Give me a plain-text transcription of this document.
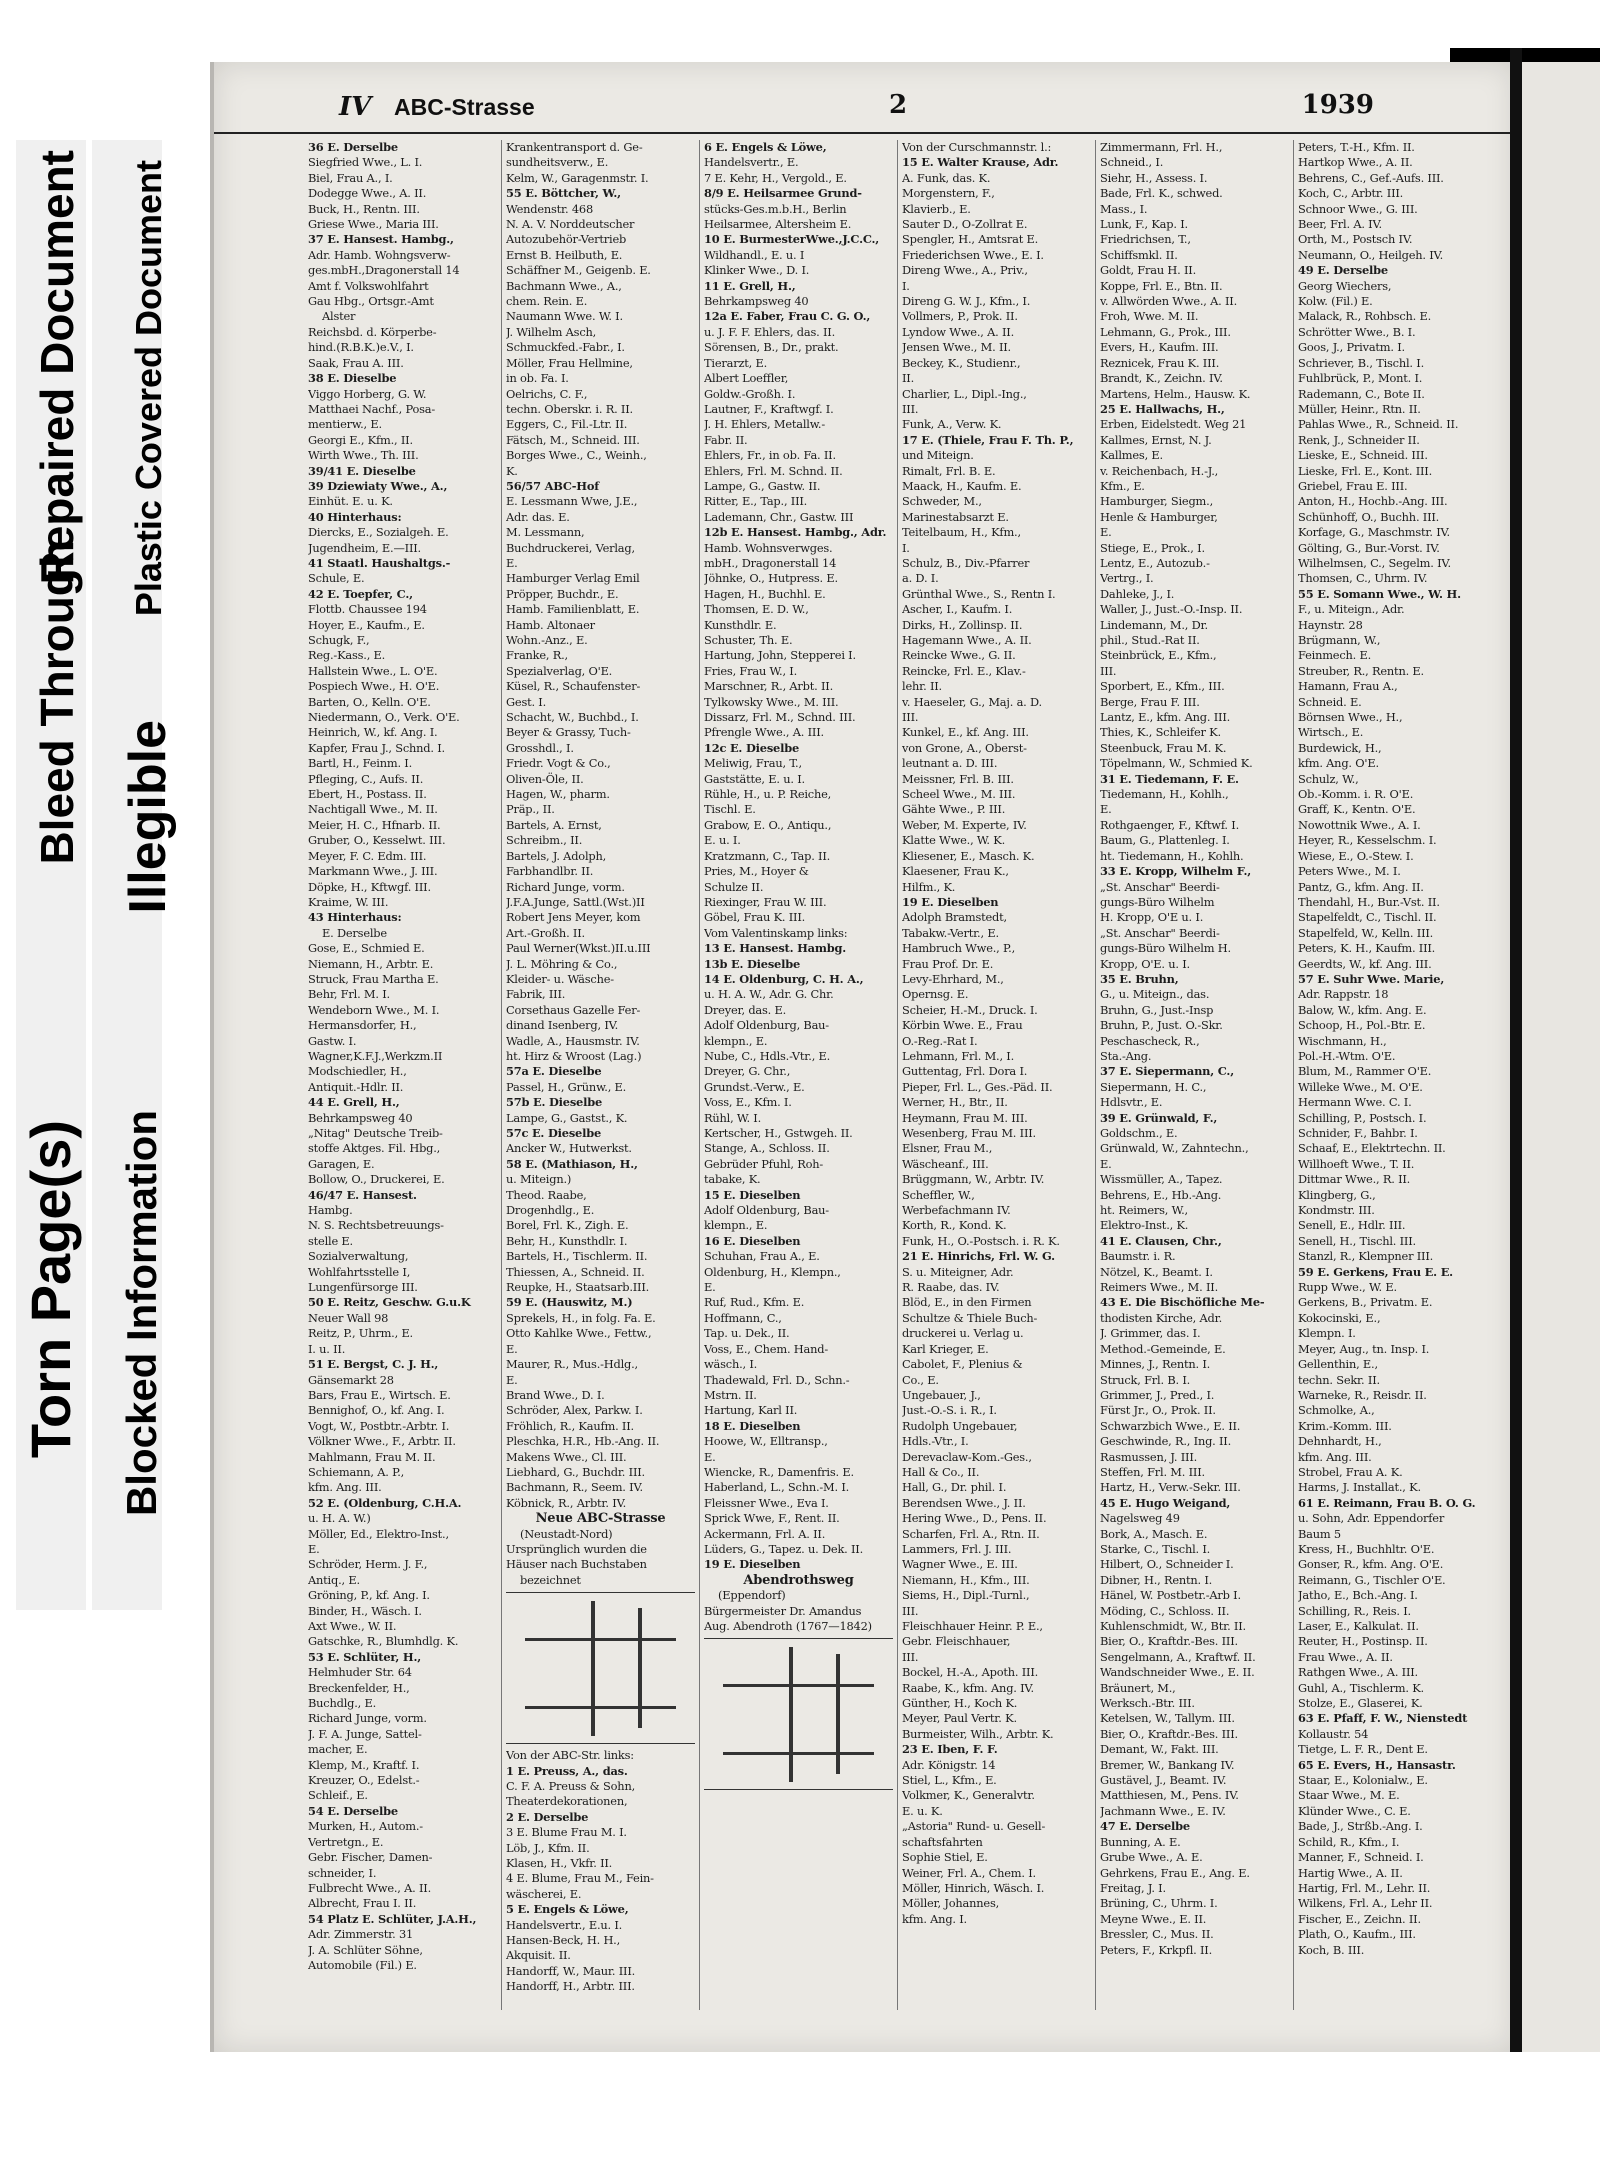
Torn Page(s)
Bleed Through
Repaired Document
Blocked Information
Illegible
Plastic Covered Document
IV ABC-Strasse	2	1939
36 E. Derselbe
Siegfried Wwe., L. I.
Biel, Frau A., I.
Dodegge Wwe., A. II.
Buck, H., Rentn. III.
Griese Wwe., Maria III.
37 E. Hansest. Hambg.,
Adr. Hamb. Wohngsverw-
ges.mbH.,Dragonerstall 14
Amt f. Volkswohlfahrt
Gau Hbg., Ortsgr.-Amt
Alster
Reichsbd. d. Körperbe-
hind.(R.B.K.)e.V., I.
Saak, Frau A. III.
38 E. Dieselbe
Viggo Horberg, G. W.
Matthaei Nachf., Posa-
mentierw., E.
Georgi E., Kfm., II.
Wirth Wwe., Th. III.
39/41 E. Dieselbe
39 Dziewiaty Wwe., A.,
Einhüt. E. u. K.
40 Hinterhaus:
Diercks, E., Sozialgeh. E.
Jugendheim, E.—III.
41 Staatl. Haushaltgs.-
Schule, E.
42 E. Toepfer, C.,
Flottb. Chaussee 194
Hoyer, E., Kaufm., E.
Schugk, F.,
Reg.-Kass., E.
Hallstein Wwe., L. O'E.
Pospiech Wwe., H. O'E.
Barten, O., Kelln. O'E.
Niedermann, O., Verk. O'E.
Heinrich, W., kf. Ang. I.
Kapfer, Frau J., Schnd. I.
Bartl, H., Feinm. I.
Pfleging, C., Aufs. II.
Ebert, H., Postass. II.
Nachtigall Wwe., M. II.
Meier, H. C., Hfnarb. II.
Gruber, O., Kesselwt. III.
Meyer, F. C. Edm. III.
Markmann Wwe., J. III.
Döpke, H., Kftwgf. III.
Kraime, W. III.
43 Hinterhaus:
E. Derselbe
Gose, E., Schmied E.
Niemann, H., Arbtr. E.
Struck, Frau Martha E.
Behr, Frl. M. I.
Wendeborn Wwe., M. I.
Hermansdorfer, H.,
Gastw. I.
Wagner,K.F.J.,Werkzm.II
Modschiedler, H.,
Antiquit.-Hdlr. II.
44 E. Grell, H.,
Behrkampsweg 40
„Nitag" Deutsche Treib-
stoffe Aktges. Fil. Hbg.,
Garagen, E.
Bollow, O., Druckerei, E.
46/47 E. Hansest.
Hambg.
N. S. Rechtsbetreuungs-
stelle E.
Sozialverwaltung,
Wohlfahrtsstelle I,
Lungenfürsorge III.
50 E. Reitz, Geschw. G.u.K
Neuer Wall 98
Reitz, P., Uhrm., E.
I. u. II.
51 E. Bergst, C. J. H.,
Gänsemarkt 28
Bars, Frau E., Wirtsch. E.
Bennighof, O., kf. Ang. I.
Vogt, W., Postbtr.-Arbtr. I.
Völkner Wwe., F., Arbtr. II.
Mahlmann, Frau M. II.
Schiemann, A. P.,
kfm. Ang. III.
52 E. (Oldenburg, C.H.A.
u. H. A. W.)
Möller, Ed., Elektro-Inst.,
E.
Schröder, Herm. J. F.,
Antiq., E.
Gröning, P., kf. Ang. I.
Binder, H., Wäsch. I.
Axt Wwe., W. II.
Gatschke, R., Blumhdlg. K.
53 E. Schlüter, H.,
Helmhuder Str. 64
Breckenfelder, H.,
Buchdlg., E.
Richard Junge, vorm.
J. F. A. Junge, Sattel-
macher, E.
Klemp, M., Kraftf. I.
Kreuzer, O., Edelst.-
Schleif., E.
54 E. Derselbe
Murken, H., Autom.-
Vertretgn., E.
Gebr. Fischer, Damen-
schneider, I.
Fulbrecht Wwe., A. II.
Albrecht, Frau I. II.
54 Platz E. Schlüter, J.A.H.,
Adr. Zimmerstr. 31
J. A. Schlüter Söhne,
Automobile (Fil.) E.
Krankentransport d. Ge-
sundheitsverw., E.
Kelm, W., Garagenmstr. I.
55 E. Böttcher, W.,
Wendenstr. 468
N. A. V. Norddeutscher
Autozubehör-Vertrieb
Ernst B. Heilbuth, E.
Schäffner M., Geigenb. E.
Bachmann Wwe., A.,
chem. Rein. E.
Naumann Wwe. W. I.
J. Wilhelm Asch,
Schmuckfed.-Fabr., I.
Möller, Frau Hellmine,
in ob. Fa. I.
Oelrichs, C. F.,
techn. Oberskr. i. R. II.
Eggers, C., Fil.-Ltr. II.
Fätsch, M., Schneid. III.
Borges Wwe., C., Weinh.,
K.
56/57 ABC-Hof
E. Lessmann Wwe, J.E.,
Adr. das. E.
M. Lessmann,
Buchdruckerei, Verlag,
E.
Hamburger Verlag Emil
Pröpper, Buchdr., E.
Hamb. Familienblatt, E.
Hamb. Altonaer
Wohn.-Anz., E.
Franke, R.,
Spezialverlag, O'E.
Küsel, R., Schaufenster-
Gest. I.
Schacht, W., Buchbd., I.
Beyer & Grassy, Tuch-
Grosshdl., I.
Friedr. Vogt & Co.,
Oliven-Öle, II.
Hagen, W., pharm.
Präp., II.
Bartels, A. Ernst,
Schreibm., II.
Bartels, J. Adolph,
Farbhandlbr. II.
Richard Junge, vorm.
J.F.A.Junge, Sattl.(Wst.)II
Robert Jens Meyer, kom
Art.-Großh. II.
Paul Werner(Wkst.)II.u.III
J. L. Möhring & Co.,
Kleider- u. Wäsche-
Fabrik, III.
Corsethaus Gazelle Fer-
dinand Isenberg, IV.
Wadle, A., Hausmstr. IV.
ht. Hirz & Wroost (Lag.)
57a E. Dieselbe
Passel, H., Grünw., E.
57b E. Dieselbe
Lampe, G., Gastst., K.
57c E. Dieselbe
Ancker W., Hutwerkst.
58 E. (Mathiason, H.,
u. Miteign.)
Theod. Raabe,
Drogenhdlg., E.
Borel, Frl. K., Zigh. E.
Behr, H., Kunsthdlr. I.
Bartels, H., Tischlerm. II.
Thiessen, A., Schneid. II.
Reupke, H., Staatsarb.III.
59 E. (Hauswitz, M.)
Sprekels, H., in folg. Fa. E.
Otto Kahlke Wwe., Fettw.,
E.
Maurer, R., Mus.-Hdlg.,
E.
Brand Wwe., D. I.
Schröder, Alex, Parkw. I.
Fröhlich, R., Kaufm. II.
Pleschka, H.R., Hb.-Ang. II.
Makens Wwe., Cl. III.
Liebhard, G., Buchdr. III.
Bachmann, R., Seem. IV.
Köbnick, R., Arbtr. IV.
Neue ABC-Strasse
(Neustadt-Nord)
Ursprünglich wurden die
Häuser nach Buchstaben
bezeichnet
Von der ABC-Str. links:
1 E. Preuss, A., das.
C. F. A. Preuss & Sohn,
Theaterdekorationen,
2 E. Derselbe
3 E. Blume Frau M. I.
Löb, J., Kfm. II.
Klasen, H., Vkfr. II.
4 E. Blume, Frau M., Fein-
wäscherei, E.
5 E. Engels & Löwe,
Handelsvertr., E.u. I.
Hansen-Beck, H. H.,
Akquisit. II.
Handorff, W., Maur. III.
Handorff, H., Arbtr. III.
6 E. Engels & Löwe,
Handelsvertr., E.
7 E. Kehr, H., Vergold., E.
8/9 E. Heilsarmee Grund-
stücks-Ges.m.b.H., Berlin
Heilsarmee, Altersheim E.
10 E. BurmesterWwe.,J.C.C.,
Wildhandl., E. u. I
Klinker Wwe., D. I.
11 E. Grell, H.,
Behrkampsweg 40
12a E. Faber, Frau C. G. O.,
u. J. F. F. Ehlers, das. II.
Sörensen, B., Dr., prakt.
Tierarzt, E.
Albert Loeffler,
Goldw.-Großh. I.
Lautner, F., Kraftwgf. I.
J. H. Ehlers, Metallw.-
Fabr. II.
Ehlers, Fr., in ob. Fa. II.
Ehlers, Frl. M. Schnd. II.
Lampe, G., Gastw. II.
Ritter, E., Tap., III.
Lademann, Chr., Gastw. III
12b E. Hansest. Hambg., Adr.
Hamb. Wohnsverwges.
mbH., Dragonerstall 14
Jöhnke, O., Hutpress. E.
Hagen, H., Buchhl. E.
Thomsen, E. D. W.,
Kunsthdlr. E.
Schuster, Th. E.
Hartung, John, Stepperei I.
Fries, Frau W., I.
Marschner, R., Arbt. II.
Tylkowsky Wwe., M. III.
Dissarz, Frl. M., Schnd. III.
Pfrengle Wwe., A. III.
12c E. Dieselbe
Meliwig, Frau, T.,
Gaststätte, E. u. I.
Rühle, H., u. P. Reiche,
Tischl. E.
Grabow, E. O., Antiqu.,
E. u. I.
Kratzmann, C., Tap. II.
Pries, M., Hoyer &
Schulze II.
Riexinger, Frau W. III.
Göbel, Frau K. III.
Vom Valentinskamp links:
13 E. Hansest. Hambg.
13b E. Dieselbe
14 E. Oldenburg, C. H. A.,
u. H. A. W., Adr. G. Chr.
Dreyer, das. E.
Adolf Oldenburg, Bau-
klempn., E.
Nube, C., Hdls.-Vtr., E.
Dreyer, G. Chr.,
Grundst.-Verw., E.
Voss, E., Kfm. I.
Rühl, W. I.
Kertscher, H., Gstwgeh. II.
Stange, A., Schloss. II.
Gebrüder Pfuhl, Roh-
tabake, K.
15 E. Dieselben
Adolf Oldenburg, Bau-
klempn., E.
16 E. Dieselben
Schuhan, Frau A., E.
Oldenburg, H., Klempn.,
E.
Ruf, Rud., Kfm. E.
Hoffmann, C.,
Tap. u. Dek., II.
Voss, E., Chem. Hand-
wäsch., I.
Thadewald, Frl. D., Schn.-
Mstrn. II.
Hartung, Karl II.
18 E. Dieselben
Hoowe, W., Elltransp.,
E.
Wiencke, R., Damenfris. E.
Haberland, L., Schn.-M. I.
Fleissner Wwe., Eva I.
Sprick Wwe, F., Rent. II.
Ackermann, Frl. A. II.
Lüders, G., Tapez. u. Dek. II.
19 E. Dieselben
Abendrothsweg
(Eppendorf)
Bürgermeister Dr. Amandus
Aug. Abendroth (1767—1842)
Von der Curschmannstr. l.:
15 E. Walter Krause, Adr.
A. Funk, das. K.
Morgenstern, F.,
Klavierb., E.
Sauter D., O-Zollrat E.
Spengler, H., Amtsrat E.
Friederichsen Wwe., E. I.
Direng Wwe., A., Priv.,
I.
Direng G. W. J., Kfm., I.
Vollmers, P., Prok. II.
Lyndow Wwe., A. II.
Jensen Wwe., M. II.
Beckey, K., Studienr.,
II.
Charlier, L., Dipl.-Ing.,
III.
Funk, A., Verw. K.
17 E. (Thiele, Frau F. Th. P.,
und Miteign.
Rimalt, Frl. B. E.
Maack, H., Kaufm. E.
Schweder, M.,
Marinestabsarzt E.
Teitelbaum, H., Kfm.,
I.
Schulz, B., Div.-Pfarrer
a. D. I.
Grünthal Wwe., S., Rentn I.
Ascher, I., Kaufm. I.
Dirks, H., Zollinsp. II.
Hagemann Wwe., A. II.
Reincke Wwe., G. II.
Reincke, Frl. E., Klav.-
lehr. II.
v. Haeseler, G., Maj. a. D.
III.
Kunkel, E., kf. Ang. III.
von Grone, A., Oberst-
leutnant a. D. III.
Meissner, Frl. B. III.
Scheel Wwe., M. III.
Gähte Wwe., P. III.
Weber, M. Experte, IV.
Klatte Wwe., W. K.
Kliesener, E., Masch. K.
Klaesener, Frau K.,
Hilfm., K.
19 E. Dieselben
Adolph Bramstedt,
Tabakw.-Vertr., E.
Hambruch Wwe., P.,
Frau Prof. Dr. E.
Levy-Ehrhard, M.,
Opernsg. E.
Scheier, H.-M., Druck. I.
Körbin Wwe. E., Frau
O.-Reg.-Rat I.
Lehmann, Frl. M., I.
Guttentag, Frl. Dora I.
Pieper, Frl. L., Ges.-Päd. II.
Werner, H., Btr., II.
Heymann, Frau M. III.
Wesenberg, Frau M. III.
Elsner, Frau M.,
Wäscheanf., III.
Brüggmann, W., Arbtr. IV.
Scheffler, W.,
Werbefachmann IV.
Korth, R., Kond. K.
Funk, H., O.-Postsch. i. R. K.
21 E. Hinrichs, Frl. W. G.
S. u. Miteigner, Adr.
R. Raabe, das. IV.
Blöd, E., in den Firmen
Schultze & Thiele Buch-
druckerei u. Verlag u.
Karl Krieger, E.
Cabolet, F., Plenius &
Co., E.
Ungebauer, J.,
Just.-O.-S. i. R., I.
Rudolph Ungebauer,
Hdls.-Vtr., I.
Derevaclaw-Kom.-Ges.,
Hall & Co., II.
Hall, G., Dr. phil. I.
Berendsen Wwe., J. II.
Hering Wwe., D., Pens. II.
Scharfen, Frl. A., Rtn. II.
Lammers, Frl. J. III.
Wagner Wwe., E. III.
Niemann, H., Kfm., III.
Siems, H., Dipl.-Turnl.,
III.
Fleischhauer Heinr. P. E.,
Gebr. Fleischhauer,
III.
Bockel, H.-A., Apoth. III.
Raabe, K., kfm. Ang. IV.
Günther, H., Koch K.
Meyer, Paul Vertr. K.
Burmeister, Wilh., Arbtr. K.
23 E. Iben, F. F.
Adr. Königstr. 14
Stiel, L., Kfm., E.
Volkmer, K., Generalvtr.
E. u. K.
„Astoria" Rund- u. Gesell-
schaftsfahrten
Sophie Stiel, E.
Weiner, Frl. A., Chem. I.
Möller, Hinrich, Wäsch. I.
Möller, Johannes,
kfm. Ang. I.
Zimmermann, Frl. H.,
Schneid., I.
Siehr, H., Assess. I.
Bade, Frl. K., schwed.
Mass., I.
Lunk, F., Kap. I.
Friedrichsen, T.,
Schiffsmkl. II.
Goldt, Frau H. II.
Koppe, Frl. E., Btn. II.
v. Allwörden Wwe., A. II.
Froh, Wwe. M. II.
Lehmann, G., Prok., III.
Evers, H., Kaufm. III.
Reznicek, Frau K. III.
Brandt, K., Zeichn. IV.
Martens, Helm., Hausw. K.
25 E. Hallwachs, H.,
Erben, Eidelstedt. Weg 21
Kallmes, Ernst, N. J.
Kallmes, E.
v. Reichenbach, H.-J.,
Kfm., E.
Hamburger, Siegm.,
Henle & Hamburger,
E.
Stiege, E., Prok., I.
Lentz, E., Autozub.-
Vertrg., I.
Dahleke, J., I.
Waller, J., Just.-O.-Insp. II.
Lindemann, M., Dr.
phil., Stud.-Rat II.
Steinbrück, E., Kfm.,
III.
Sporbert, E., Kfm., III.
Berge, Frau F. III.
Lantz, E., kfm. Ang. III.
Thies, K., Schleifer K.
Steenbuck, Frau M. K.
Töpelmann, W., Schmied K.
31 E. Tiedemann, F. E.
Tiedemann, H., Kohlh.,
E.
Rothgaenger, F., Kftwf. I.
Baum, G., Plattenleg. I.
ht. Tiedemann, H., Kohlh.
33 E. Kropp, Wilhelm F.,
„St. Anschar" Beerdi-
gungs-Büro Wilhelm
H. Kropp, O'E u. I.
„St. Anschar" Beerdi-
gungs-Büro Wilhelm H.
Kropp, O'E. u. I.
35 E. Bruhn,
G., u. Miteign., das.
Bruhn, G., Just.-Insp
Bruhn, P., Just. O.-Skr.
Peschascheck, R.,
Sta.-Ang.
37 E. Siepermann, C.,
Siepermann, H. C.,
Hdlsvtr., E.
39 E. Grünwald, F.,
Goldschm., E.
Grünwald, W., Zahntechn.,
E.
Wissmüller, A., Tapez.
Behrens, E., Hb.-Ang.
ht. Reimers, W.,
Elektro-Inst., K.
41 E. Clausen, Chr.,
Baumstr. i. R.
Nötzel, K., Beamt. I.
Reimers Wwe., M. II.
43 E. Die Bischöfliche Me-
thodisten Kirche, Adr.
J. Grimmer, das. I.
Method.-Gemeinde, E.
Minnes, J., Rentn. I.
Struck, Frl. B. I.
Grimmer, J., Pred., I.
Fürst Jr., O., Prok. II.
Schwarzbich Wwe., E. II.
Geschwinde, R., Ing. II.
Rasmussen, J. III.
Steffen, Frl. M. III.
Hartz, H., Verw.-Sekr. III.
45 E. Hugo Weigand,
Nagelsweg 49
Bork, A., Masch. E.
Starke, C., Tischl. I.
Hilbert, O., Schneider I.
Dibner, H., Rentn. I.
Hänel, W. Postbetr.-Arb I.
Möding, C., Schloss. II.
Kuhlenschmidt, W., Btr. II.
Bier, O., Kraftdr.-Bes. III.
Sengelmann, A., Kraftwf. II.
Wandschneider Wwe., E. II.
Bräunert, M.,
Werksch.-Btr. III.
Ketelsen, W., Tallym. III.
Bier, O., Kraftdr.-Bes. III.
Demant, W., Fakt. III.
Bremer, W., Bankang IV.
Gustävel, J., Beamt. IV.
Matthiesen, M., Pens. IV.
Jachmann Wwe., E. IV.
47 E. Derselbe
Bunning, A. E.
Grube Wwe., A. E.
Gehrkens, Frau E., Ang. E.
Freitag, J. I.
Brüning, C., Uhrm. I.
Meyne Wwe., E. II.
Bressler, C., Mus. II.
Peters, F., Krkpfl. II.
Peters, T.-H., Kfm. II.
Hartkop Wwe., A. II.
Behrens, C., Gef.-Aufs. III.
Koch, C., Arbtr. III.
Schnoor Wwe., G. III.
Beer, Frl. A. IV.
Orth, M., Postsch IV.
Neumann, O., Heilgeh. IV.
49 E. Derselbe
Georg Wiechers,
Kolw. (Fil.) E.
Malack, R., Rohbsch. E.
Schrötter Wwe., B. I.
Goos, J., Privatm. I.
Schriever, B., Tischl. I.
Fuhlbrück, P., Mont. I.
Rademann, C., Bote II.
Müller, Heinr., Rtn. II.
Pahlas Wwe., R., Schneid. II.
Renk, J., Schneider II.
Lieske, E., Schneid. III.
Lieske, Frl. E., Kont. III.
Griebel, Frau E. III.
Anton, H., Hochb.-Ang. III.
Schünhoff, O., Buchh. III.
Korfage, G., Maschmstr. IV.
Gölting, G., Bur.-Vorst. IV.
Wilhelmsen, C., Segelm. IV.
Thomsen, C., Uhrm. IV.
55 E. Somann Wwe., W. H.
F., u. Miteign., Adr.
Haynstr. 28
Brügmann, W.,
Feinmech. E.
Streuber, R., Rentn. E.
Hamann, Frau A.,
Schneid. E.
Börnsen Wwe., H.,
Wirtsch., E.
Burdewick, H.,
kfm. Ang. O'E.
Schulz, W.,
Ob.-Komm. i. R. O'E.
Graff, K., Kentn. O'E.
Nowottnik Wwe., A. I.
Heyer, R., Kesselschm. I.
Wiese, E., O.-Stew. I.
Peters Wwe., M. I.
Pantz, G., kfm. Ang. II.
Thendahl, H., Bur.-Vst. II.
Stapelfeldt, C., Tischl. II.
Stapelfeld, W., Kelln. III.
Peters, K. H., Kaufm. III.
Geerdts, W., kf. Ang. III.
57 E. Suhr Wwe. Marie,
Adr. Rappstr. 18
Balow, W., kfm. Ang. E.
Schoop, H., Pol.-Btr. E.
Wischmann, H.,
Pol.-H.-Wtm. O'E.
Blum, M., Rammer O'E.
Willeke Wwe., M. O'E.
Hermann Wwe. C. I.
Schilling, P., Postsch. I.
Schnider, F., Bahbr. I.
Schaaf, E., Elektrtechn. II.
Willhoeft Wwe., T. II.
Dittmar Wwe., R. II.
Klingberg, G.,
Kondmstr. III.
Senell, E., Hdlr. III.
Senell, H., Tischl. III.
Stanzl, R., Klempner III.
59 E. Gerkens, Frau E. E.
Rupp Wwe., W. E.
Gerkens, B., Privatm. E.
Kokocinski, E.,
Klempn. I.
Meyer, Aug., tn. Insp. I.
Gellenthin, E.,
techn. Sekr. II.
Warneke, R., Reisdr. II.
Schmolke, A.,
Krim.-Komm. III.
Dehnhardt, H.,
kfm. Ang. III.
Strobel, Frau A. K.
Harms, J. Installat., K.
61 E. Reimann, Frau B. O. G.
u. Sohn, Adr. Eppendorfer
Baum 5
Kress, H., Buchhltr. O'E.
Gonser, R., kfm. Ang. O'E.
Reimann, G., Tischler O'E.
Jatho, E., Bch.-Ang. I.
Schilling, R., Reis. I.
Laser, E., Kalkulat. II.
Reuter, H., Postinsp. II.
Frau Wwe., A. II.
Rathgen Wwe., A. III.
Guhl, A., Tischlerm. K.
Stolze, E., Glaserei, K.
63 E. Pfaff, F. W., Nienstedt
Kollaustr. 54
Tietge, L. F. R., Dent E.
65 E. Evers, H., Hansastr.
Staar, E., Kolonialw., E.
Staar Wwe., M. E.
Klünder Wwe., C. E.
Bade, J., Strßb.-Ang. I.
Schild, R., Kfm., I.
Manner, F., Schneid. I.
Hartig Wwe., A. II.
Hartig, Frl. M., Lehr. II.
Wilkens, Frl. A., Lehr II.
Fischer, E., Zeichn. II.
Plath, O., Kaufm., III.
Koch, B. III.
